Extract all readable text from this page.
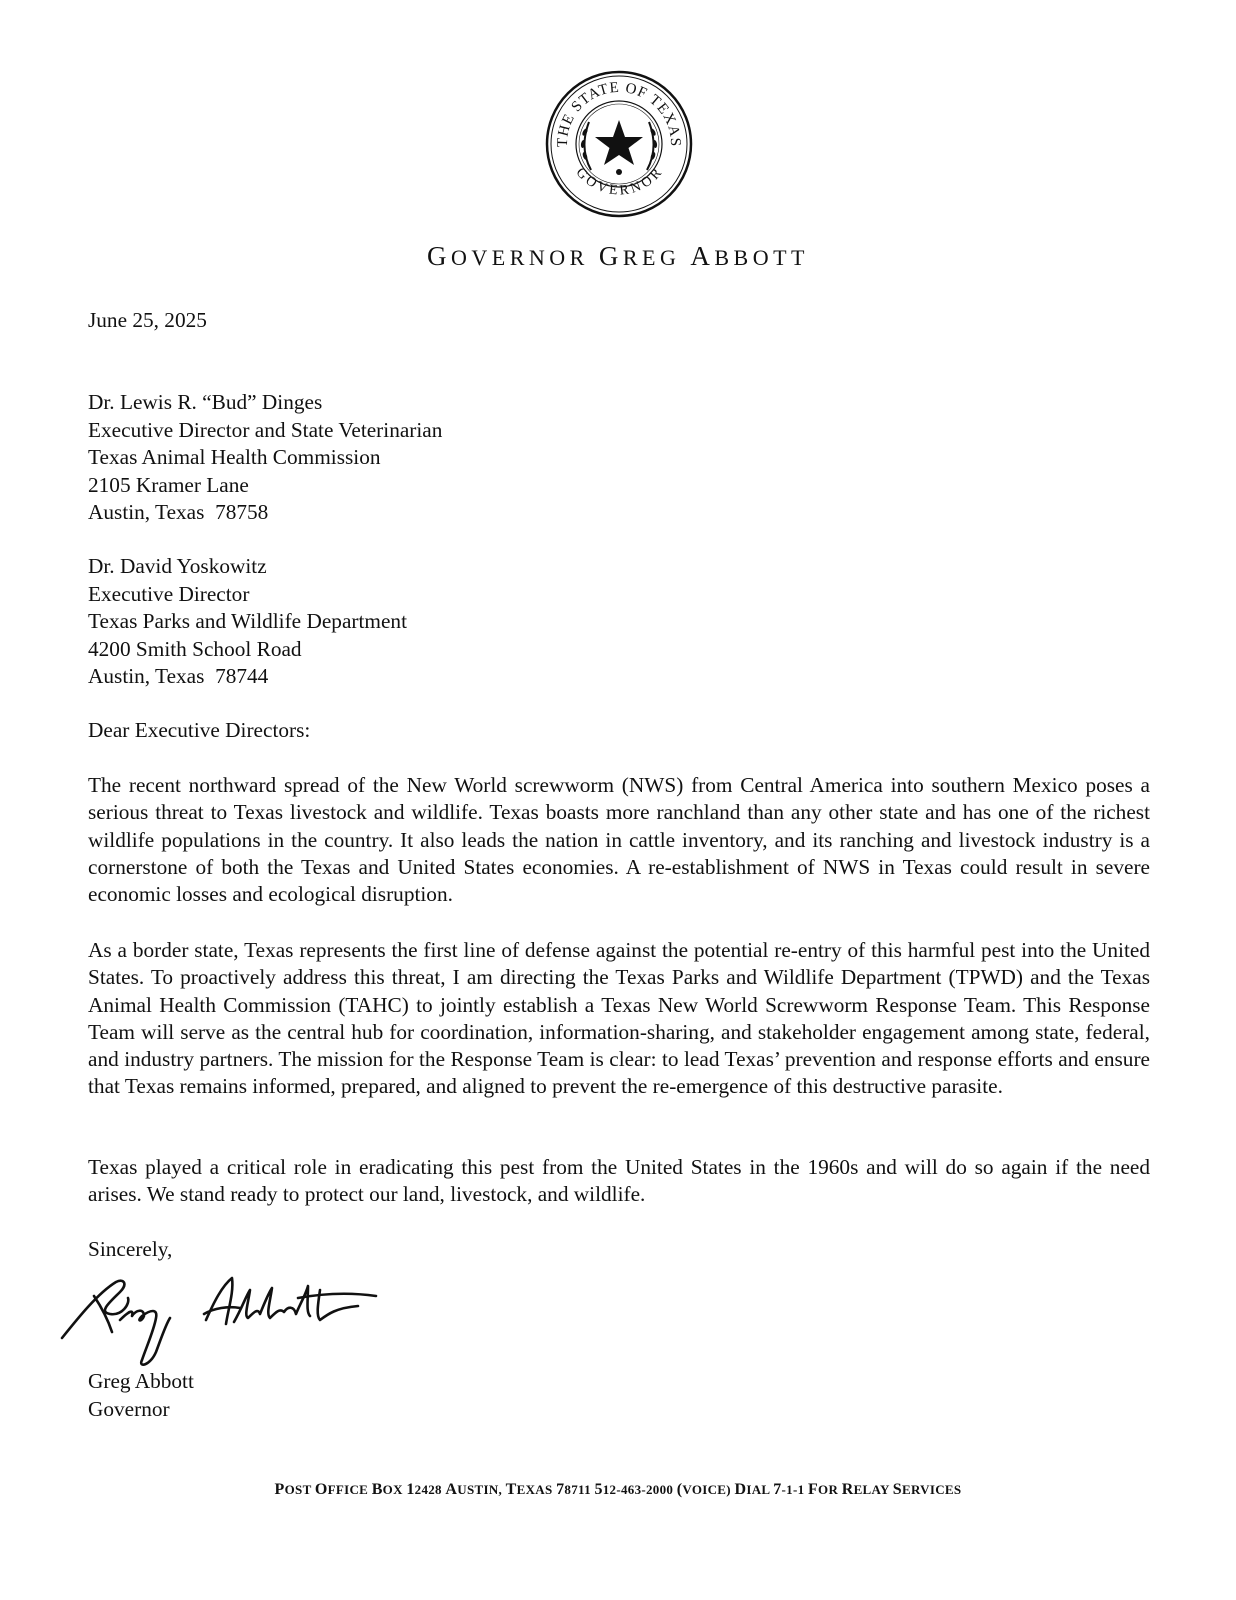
THE STATE OF TEXAS
GOVERNOR
GOVERNOR GREG ABBOTT
June 25, 2025
Dr. Lewis R. “Bud” Dinges
Executive Director and State Veterinarian
Texas Animal Health Commission
2105 Kramer Lane
Austin, Texas  78758
Dr. David Yoskowitz
Executive Director
Texas Parks and Wildlife Department
4200 Smith School Road
Austin, Texas  78744
Dear Executive Directors:
The recent northward spread of the New World screwworm (NWS) from Central America into southern Mexico poses a serious threat to Texas livestock and wildlife. Texas boasts more ranchland than any other state and has one of the richest wildlife populations in the country. It also leads the nation in cattle inventory, and its ranching and livestock industry is a cornerstone of both the Texas and United States economies. A re-establishment of NWS in Texas could result in severe economic losses and ecological disruption.
As a border state, Texas represents the first line of defense against the potential re-entry of this harmful pest into the United States. To proactively address this threat, I am directing the Texas Parks and Wildlife Department (TPWD) and the Texas Animal Health Commission (TAHC) to jointly establish a Texas New World Screwworm Response Team. This Response Team will serve as the central hub for coordination, information-sharing, and stakeholder engagement among state, federal, and industry partners. The mission for the Response Team is clear: to lead Texas’ prevention and response efforts and ensure that Texas remains informed, prepared, and aligned to prevent the re-emergence of this destructive parasite.
Texas played a critical role in eradicating this pest from the United States in the 1960s and will do so again if the need arises. We stand ready to protect our land, livestock, and wildlife.
Sincerely,
Greg Abbott
Governor
POST OFFICE BOX 12428 AUSTIN, TEXAS 78711 512-463-2000 (VOICE) DIAL 7-1-1 FOR RELAY SERVICES
